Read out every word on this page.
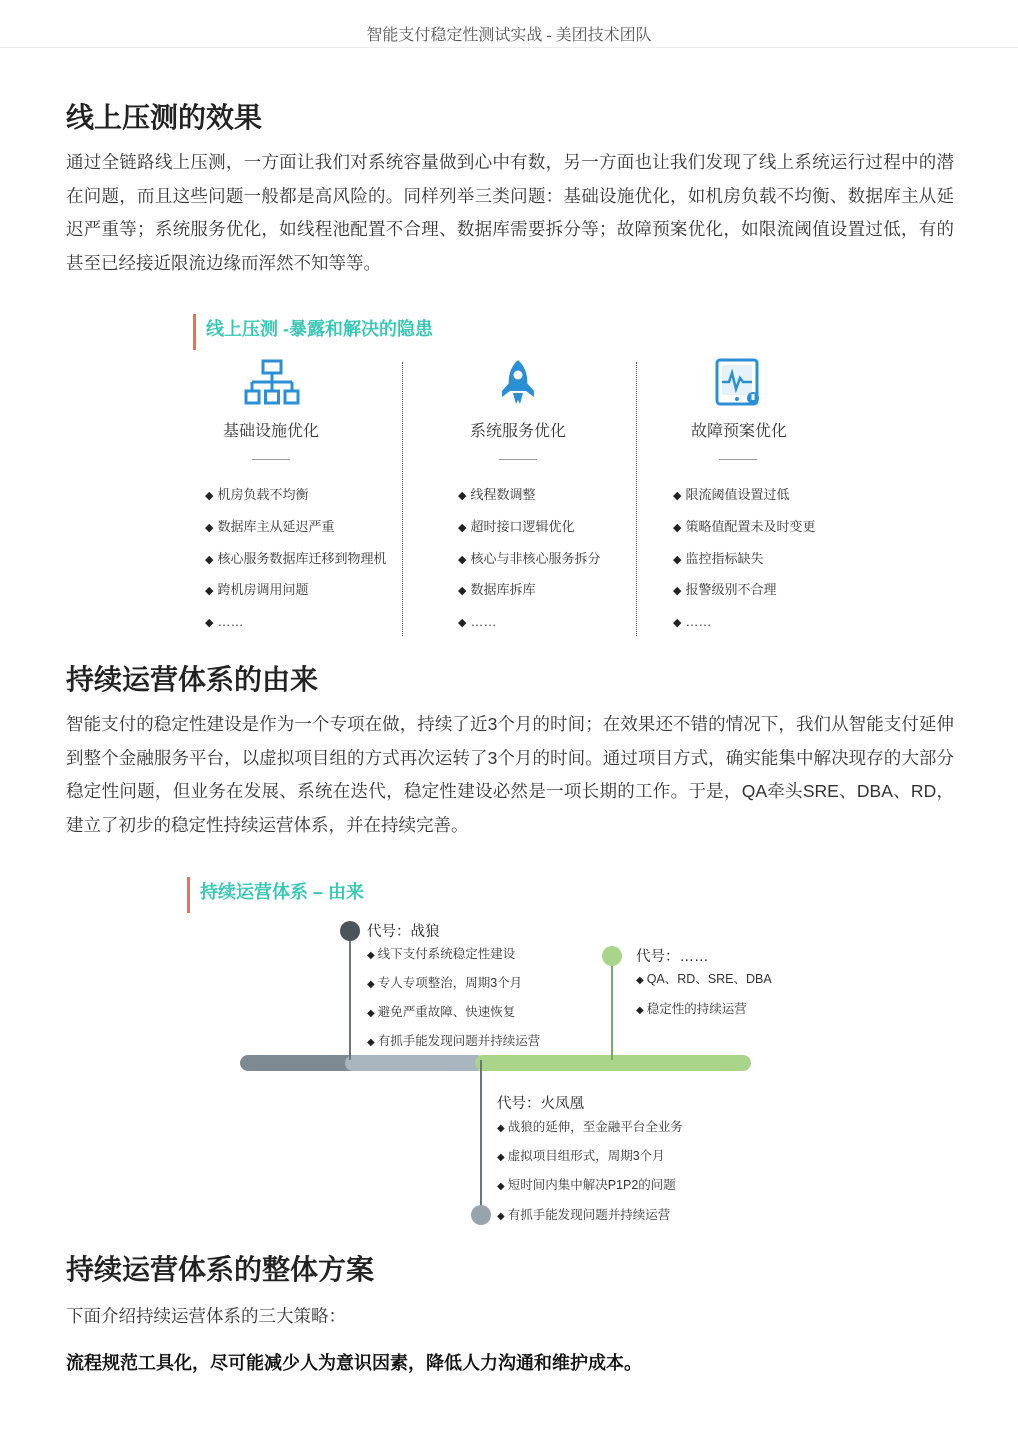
智能支付稳定性测试实战 - 美团技术团队
线上压测的效果

通过全链路线上压测，一方面让我们对系统容量做到心中有数，另一方面也让我们发现了线上系统运行过程中的潜在问题，而且这些问题一般都是高风险的。同样列举三类问题：基础设施优化，如机房负载不均衡、数据库主从延迟严重等；系统服务优化，如线程池配置不合理、数据库需要拆分等；故障预案优化，如限流阈值设置过低，有的甚至已经接近限流边缘而浑然不知等等。

线上压测 -暴露和解决的隐患
基础设施优化
◆ 机房负载不均衡
◆ 数据库主从延迟严重
◆ 核心服务数据库迁移到物理机
◆ 跨机房调用问题
◆ ……
系统服务优化
◆ 线程数调整
◆ 超时接口逻辑优化
◆ 核心与非核心服务拆分
◆ 数据库拆库
◆ ……
故障预案优化
◆ 限流阈值设置过低
◆ 策略值配置未及时变更
◆ 监控指标缺失
◆ 报警级别不合理
◆ ……
持续运营体系的由来

智能支付的稳定性建设是作为一个专项在做，持续了近3个月的时间；在效果还不错的情况下，我们从智能支付延伸到整个金融服务平台，以虚拟项目组的方式再次运转了3个月的时间。通过项目方式，确实能集中解决现存的大部分稳定性问题，但业务在发展、系统在迭代，稳定性建设必然是一项长期的工作。于是，QA牵头SRE、DBA、RD，建立了初步的稳定性持续运营体系，并在持续完善。

持续运营体系 – 由来
代号：战狼
◆ 线下支付系统稳定性建设
◆ 专人专项整治，周期3个月
◆ 避免严重故障、快速恢复
◆ 有抓手能发现问题并持续运营
代号：……
◆ QA、RD、SRE、DBA
◆ 稳定性的持续运营
代号：火凤凰
◆ 战狼的延伸，至金融平台全业务
◆ 虚拟项目组形式，周期3个月
◆ 短时间内集中解决P1P2的问题
◆ 有抓手能发现问题并持续运营
持续运营体系的整体方案

下面介绍持续运营体系的三大策略：

流程规范工具化，尽可能减少人为意识因素，降低人力沟通和维护成本。
